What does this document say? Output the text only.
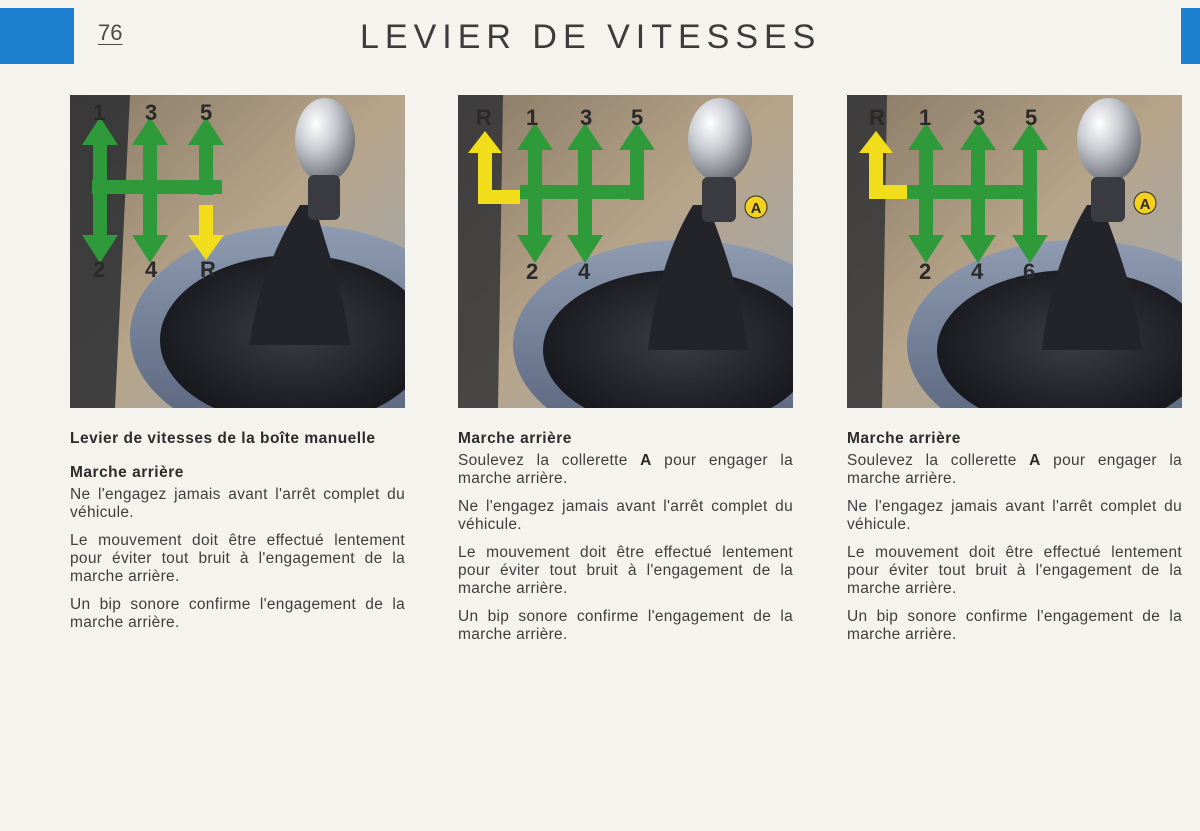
76	LEVIER DE VITESSES
1 3 5
2 4 R

Levier de vitesses de la boîte manuelle

Marche arrière

Ne l'engagez jamais avant l'arrêt complet du véhicule.

Le mouvement doit être effectué lentement pour éviter tout bruit à l'engagement de la marche arrière.

Un bip sonore confirme l'engagement de la marche arrière.

R 1 3 5
2 4
A

Marche arrière

Soulevez la collerette A pour engager la marche arrière.

Ne l'engagez jamais avant l'arrêt complet du véhicule.

Le mouvement doit être effectué lentement pour éviter tout bruit à l'engagement de la marche arrière.

Un bip sonore confirme l'engagement de la marche arrière.

R 1 3 5
2 4 6
A

Marche arrière

Soulevez la collerette A pour engager la marche arrière.

Ne l'engagez jamais avant l'arrêt complet du véhicule.

Le mouvement doit être effectué lentement pour éviter tout bruit à l'engagement de la marche arrière.

Un bip sonore confirme l'engagement de la marche arrière.
